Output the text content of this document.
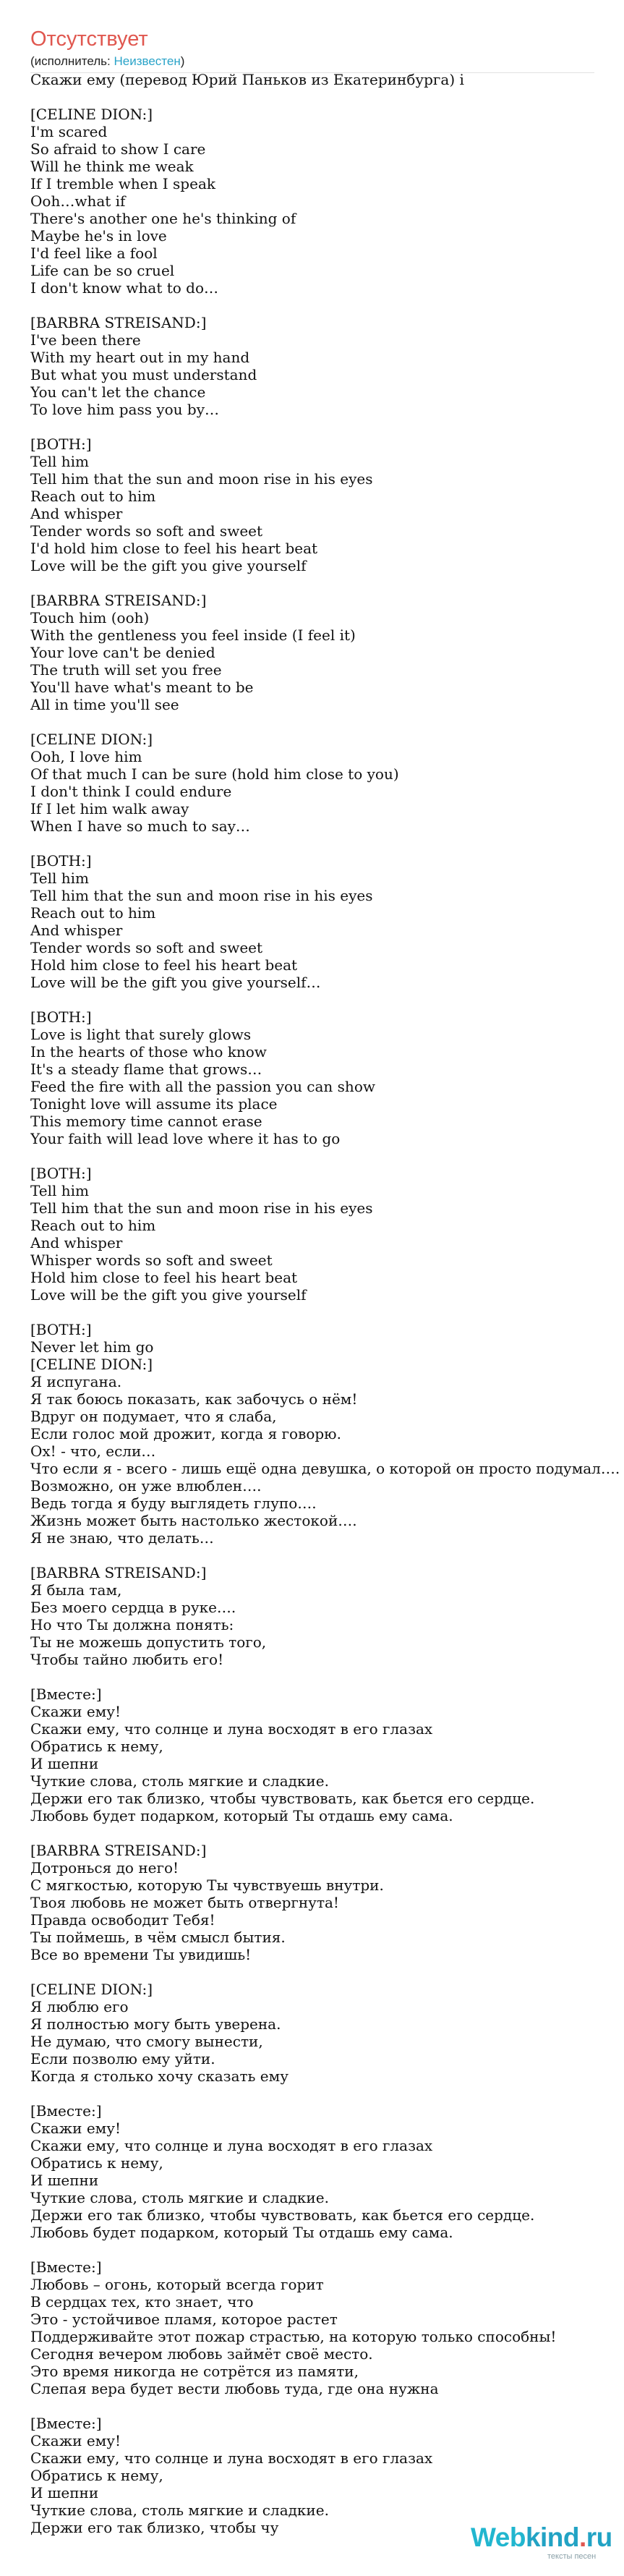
Отсутствует
(исполнитель: Неизвестен)
Скажи ему (перевод Юрий Паньков из Екатеринбурга) i
[CELINE DION:]
I'm scared
So afraid to show I care
Will he think me weak
If I tremble when I speak
Ooh…what if
There's another one he's thinking of
Maybe he's in love
I'd feel like a fool
Life can be so cruel
I don't know what to do…
[BARBRA STREISAND:]
I've been there
With my heart out in my hand
But what you must understand
You can't let the chance
To love him pass you by…
[BOTH:]
Tell him
Tell him that the sun and moon rise in his eyes
Reach out to him
And whisper
Tender words so soft and sweet
I'd hold him close to feel his heart beat
Love will be the gift you give yourself
[BARBRA STREISAND:]
Touch him (ooh)
With the gentleness you feel inside (I feel it)
Your love can't be denied
The truth will set you free
You'll have what's meant to be
All in time you'll see
[CELINE DION:]
Ooh, I love him
Of that much I can be sure (hold him close to you)
I don't think I could endure
If I let him walk away
When I have so much to say…
[BOTH:]
Tell him
Tell him that the sun and moon rise in his eyes
Reach out to him
And whisper
Tender words so soft and sweet
Hold him close to feel his heart beat
Love will be the gift you give yourself…
[BOTH:]
Love is light that surely glows
In the hearts of those who know
It's a steady flame that grows…
Feed the fire with all the passion you can show
Tonight love will assume its place
This memory time cannot erase
Your faith will lead love where it has to go
[BOTH:]
Tell him
Tell him that the sun and moon rise in his eyes
Reach out to him
And whisper
Whisper words so soft and sweet
Hold him close to feel his heart beat
Love will be the gift you give yourself
[BOTH:]
Never let him go
[CELINE DION:]
Я испугана.
Я так боюсь показать, как забочусь о нём!
Вдруг он подумает, что я слаба,
Если голос мой дрожит, когда я говорю.
Ох! - что, если…
Что если я - всего - лишь ещё одна девушка, о которой он просто подумал….
Возможно, он уже влюблен….
Ведь тогда я буду выглядеть глупо….
Жизнь может быть настолько жестокой….
Я не знаю, что делать…
[BARBRA STREISAND:]
Я была там,
Без моего сердца в руке….
Но что Ты должна понять:
Ты не можешь допустить того,
Чтобы тайно любить его!
[Вместе:]
Скажи ему!
Скажи ему, что солнце и луна восходят в его глазах
Обратись к нему,
И шепни
Чуткие слова, столь мягкие и сладкие.
Держи его так близко, чтобы чувствовать, как бьется его сердце.
Любовь будет подарком, который Ты отдашь ему сама.
[BARBRA STREISAND:]
Дотронься до него!
С мягкостью, которую Ты чувствуешь внутри.
Твоя любовь не может быть отвергнута!
Правда освободит Тебя!
Ты поймешь, в чём смысл бытия.
Все во времени Ты увидишь!
[CELINE DION:]
Я люблю его
Я полностью могу быть уверена.
Не думаю, что смогу вынести,
Если позволю ему уйти.
Когда я столько хочу сказать ему
[Вместе:]
Скажи ему!
Скажи ему, что солнце и луна восходят в его глазах
Обратись к нему,
И шепни
Чуткие слова, столь мягкие и сладкие.
Держи его так близко, чтобы чувствовать, как бьется его сердце.
Любовь будет подарком, который Ты отдашь ему сама.
[Вместе:]
Любовь – огонь, который всегда горит
В сердцах тех, кто знает, что
Это - устойчивое пламя, которое растет
Поддерживайте этот пожар страстью, на которую только способны!
Сегодня вечером любовь займёт своё место.
Это время никогда не сотрётся из памяти,
Слепая вера будет вести любовь туда, где она нужна
[Вместе:]
Скажи ему!
Скажи ему, что солнце и луна восходят в его глазах
Обратись к нему,
И шепни
Чуткие слова, столь мягкие и сладкие.
Держи его так близко, чтобы чу	Webkind.ru
тексты песен
